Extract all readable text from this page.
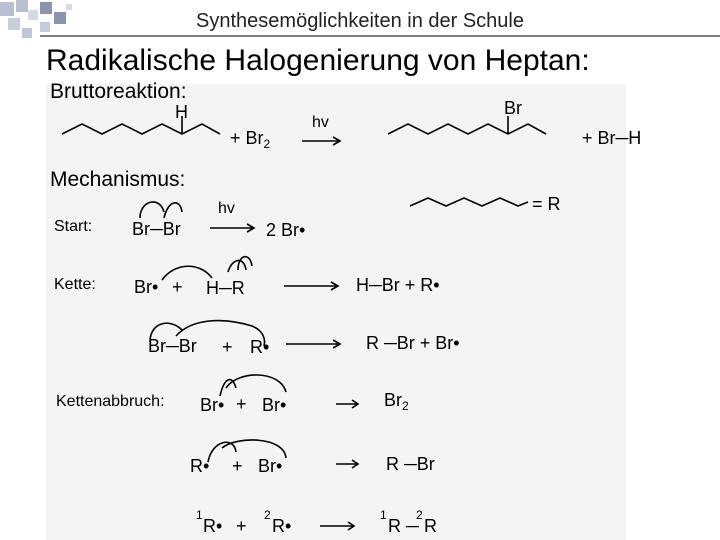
Synthesemöglichkeiten in der Schule
Radikalische Halogenierung von Heptan:
Bruttoreaktion:
Mechanismus:
H
+ $Br_2$
hv
Br
+ Br─H
= R
Start: Br─Br
hv
2 Br•
Kette: Br• + H─R	H─Br + R•
Br─Br + R•	R ─Br + Br•
Kettenabbruch: Br• + Br•	$Br_2$
R• + Br•	R ─Br
1
R• +
2
R•
1
R ─
2
R
